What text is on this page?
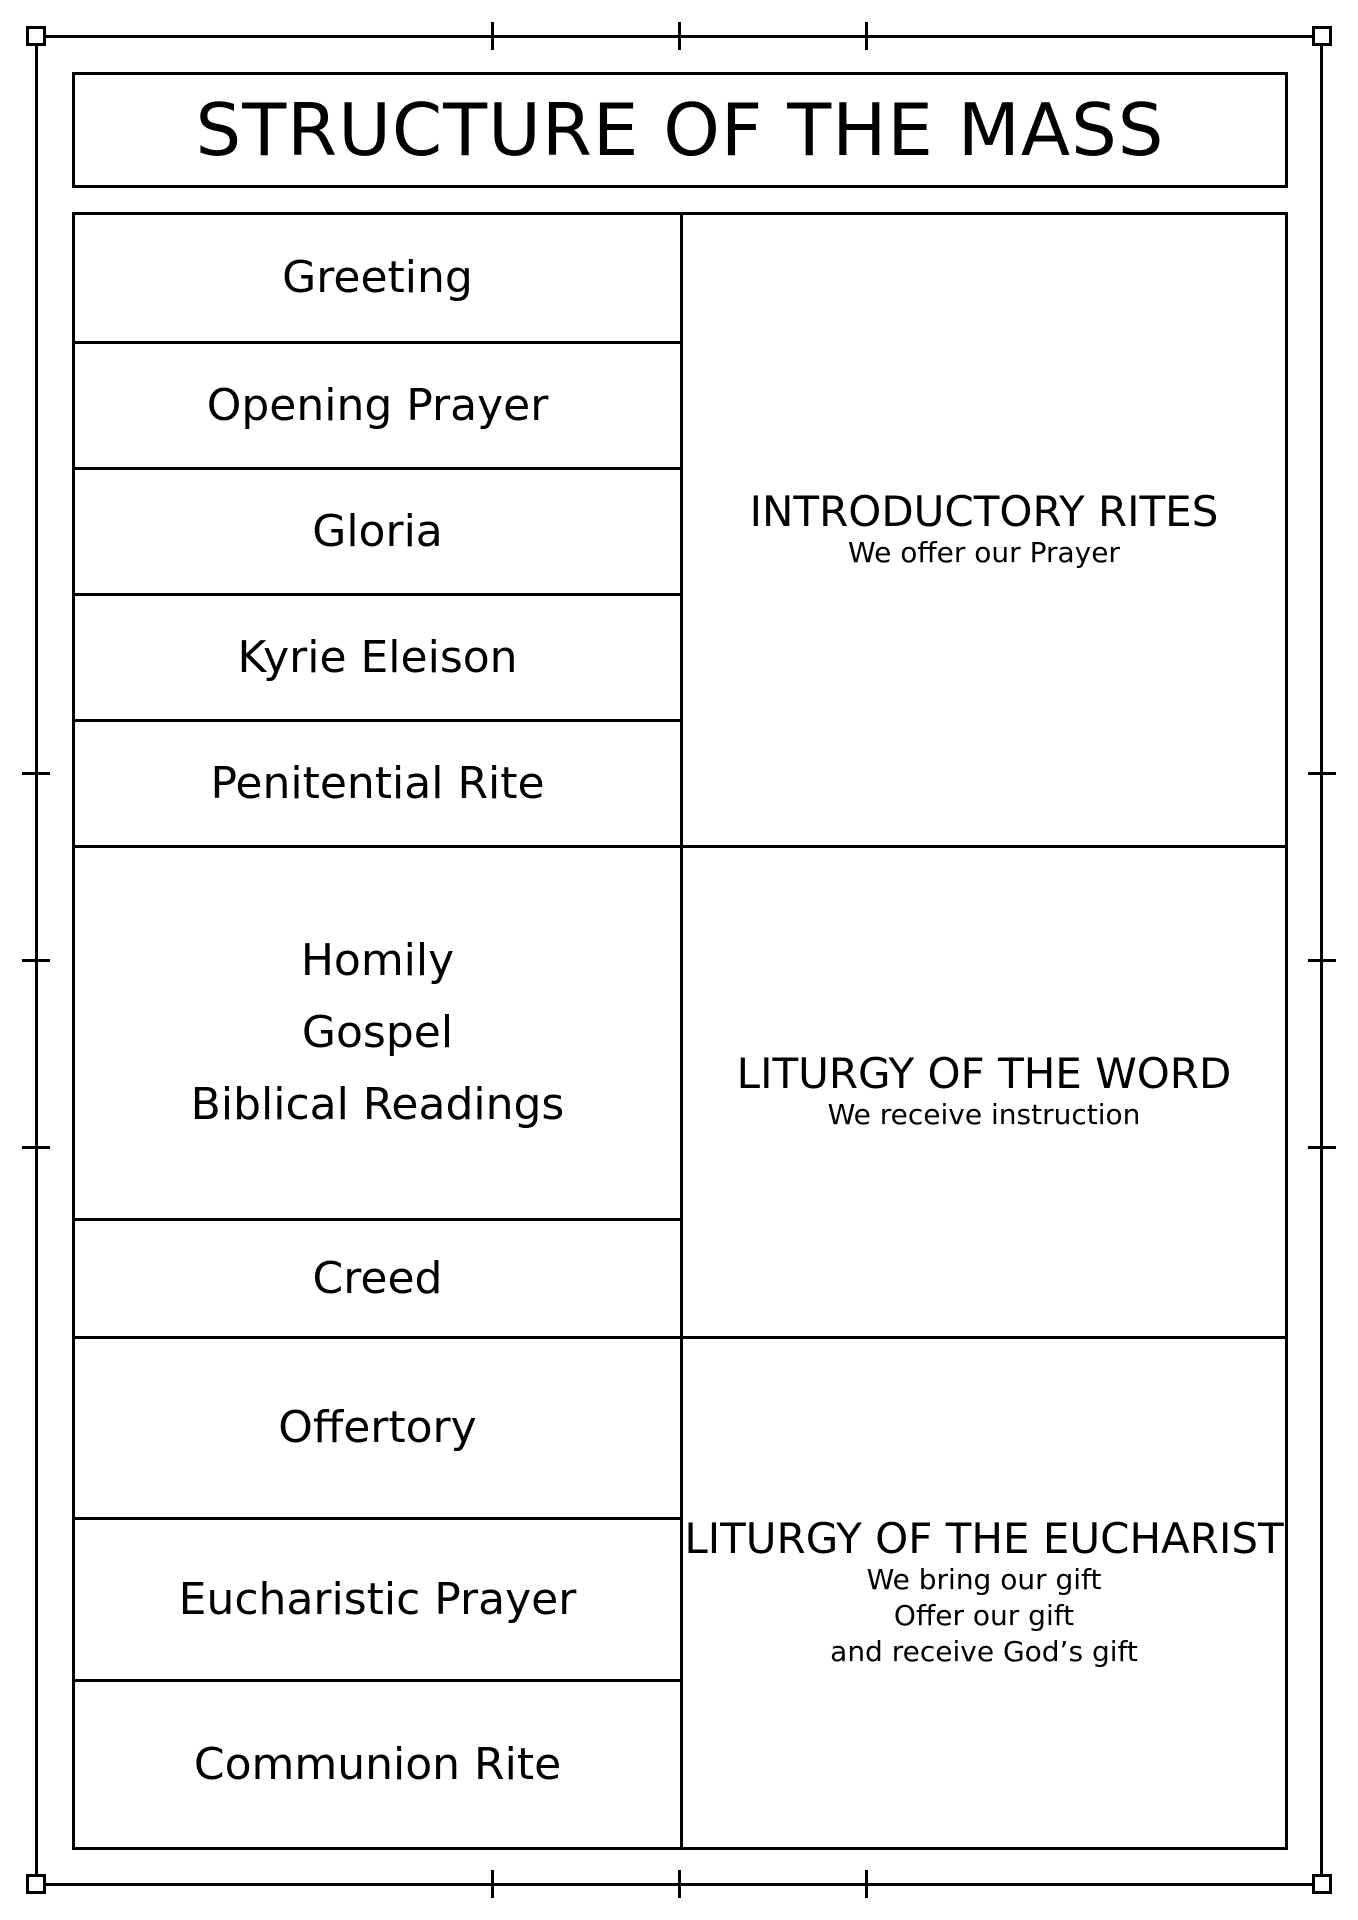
STRUCTURE OF THE MASS
Greeting
Opening Prayer
Gloria
Kyrie Eleison
Penitential Rite
INTRODUCTORY RITES
We offer our Prayer
Homily
Gospel
Biblical Readings
Creed
LITURGY OF THE WORD
We receive instruction
Offertory
Eucharistic Prayer
Communion Rite
LITURGY OF THE EUCHARIST
We bring our gift
Offer our gift
and receive God’s gift
